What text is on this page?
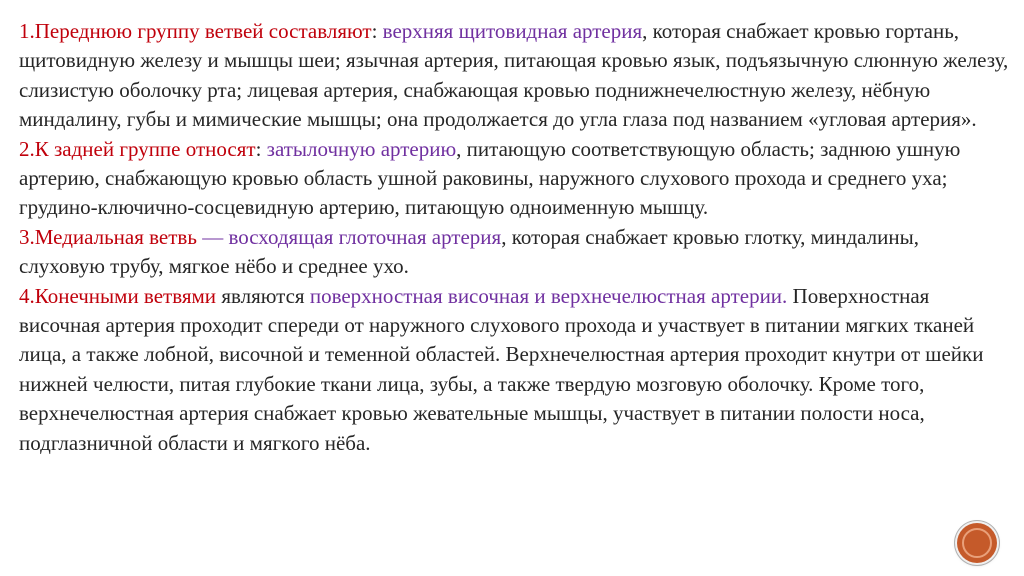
1.Переднюю группу ветвей составляют: верхняя щитовидная артерия, которая снабжает кровью гортань, щитовидную железу и мышцы шеи; язычная артерия, питающая кровью язык, подъязычную слюнную железу, слизистую оболочку рта; лицевая артерия, снабжающая кровью поднижнечелюстную железу, нёбную миндалину, губы и мимические мышцы; она продолжается до угла глаза под названием «угловая артерия».

2.К задней группе относят: затылочную артерию, питающую соответствующую область; заднюю ушную артерию, снабжающую кровью область ушной раковины, наружного слухового прохода и среднего уха; грудино-ключично-сосцевидную артерию, питающую одноименную мышцу.

3.Медиальная ветвь — восходящая глоточная артерия, которая снабжает кровью глотку, миндалины, слуховую трубу, мягкое нёбо и среднее ухо.

4.Конечными ветвями являются поверхностная височная и верхнечелюстная артерии. Поверхностная височная артерия проходит спереди от наружного слухового прохода и участвует в питании мягких тканей лица, а также лобной, височной и теменной областей. Верхнечелюстная артерия проходит кнутри от шейки нижней челюсти, питая глубокие ткани лица, зубы, а также твердую мозговую оболочку. Кроме того, верхнечелюстная артерия снабжает кровью жевательные мышцы, участвует в питании полости носа, подглазничной области и мягкого нёба.
